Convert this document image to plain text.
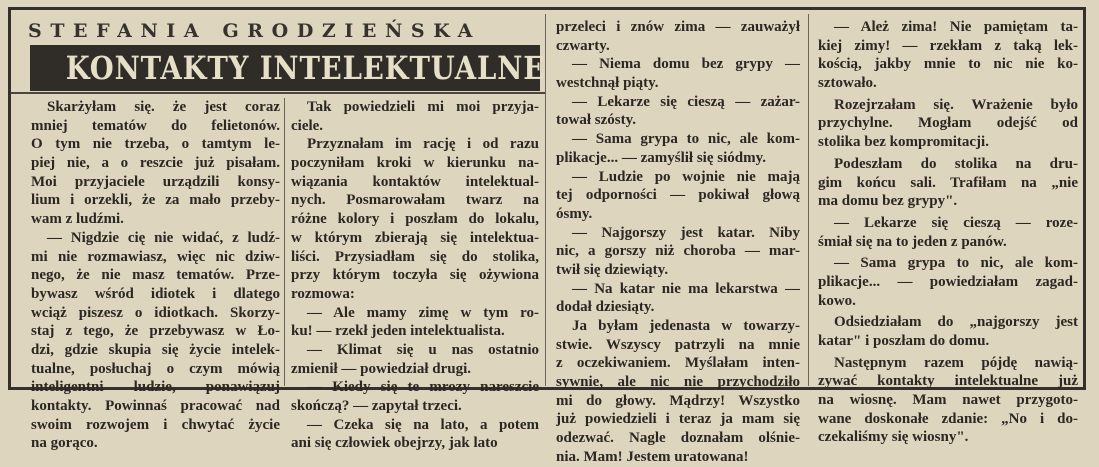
STEFANIA GRODZIEŃSKA
KONTAKTY INTELEKTUALNE
Skarżyłam się. że jest coraz
mniej tematów do felietonów.
O tym nie trzeba, o tamtym le-
piej nie, a o reszcie już pisałam.
Moi przyjaciele urządzili konsy-
lium i orzekli, że za mało przeby-
wam z ludźmi.
— Nigdzie cię nie widać, z ludź-
mi nie rozmawiasz, więc nic dziw-
nego, że nie masz tematów. Prze-
bywasz wśród idiotek i dlatego
wciąż piszesz o idiotkach. Skorzy-
staj z tego, że przebywasz w Ło-
dzi, gdzie skupia się życie intelek-
tualne, posłuchaj o czym mówią
inteligentni ludzie, ponawiązuj
kontakty. Powinnaś pracować nad
swoim rozwojem i chwytać życie
na gorąco.
Tak powiedzieli mi moi przyja-
ciele.
Przyznałam im rację i od razu
poczyniłam kroki w kierunku na-
wiązania kontaktów intelektual-
nych. Posmarowałam twarz na
różne kolory i poszłam do lokalu,
w którym zbierają się intelektua-
liści. Przysiadłam się do stolika,
przy którym toczyła się ożywiona
rozmowa:
— Ale mamy zimę w tym ro-
ku! — rzekł jeden intelektualista.
— Klimat się u nas ostatnio
zmienił — powiedział drugi.
— Kiedy się te mrozy nareszcie
skończą? — zapytał trzeci.
— Czeka się na lato, a potem
ani się człowiek obejrzy, jak lato
przeleci i znów zima — zauważył
czwarty.
— Niema domu bez grypy —
westchnął piąty.
— Lekarze się cieszą — zażar-
tował szósty.
— Sama grypa to nic, ale kom-
plikacje... — zamyślił się siódmy.
— Ludzie po wojnie nie mają
tej odporności — pokiwał głową
ósmy.
— Najgorszy jest katar. Niby
nic, a gorszy niż choroba — mar-
twił się dziewiąty.
— Na katar nie ma lekarstwa —
dodał dziesiąty.
Ja byłam jedenasta w towarzy-
stwie. Wszyscy patrzyli na mnie
z oczekiwaniem. Myślałam inten-
sywnie, ale nic nie przychodziło
mi do głowy. Mądrzy! Wszystko
już powiedzieli i teraz ja mam się
odezwać. Nagle doznałam olśnie-
nia. Mam! Jestem uratowana!
— Ależ zima! Nie pamiętam ta-
kiej zimy! — rzekłam z taką lek-
kością, jakby mnie to nic nie ko-
sztowało.
Rozejrzałam się. Wrażenie było
przychylne. Mogłam odejść od
stolika bez kompromitacji.
Podeszłam do stolika na dru-
gim końcu sali. Trafiłam na „nie
ma domu bez grypy".
— Lekarze się cieszą — roze-
śmiał się na to jeden z panów.
— Sama grypa to nic, ale kom-
plikacje... — powiedziałam zagad-
kowo.
Odsiedziałam do „najgorszy jest
katar" i poszłam do domu.
Następnym razem pójdę nawią-
zywać kontakty intelektualne już
na wiosnę. Mam nawet przygoto-
wane doskonałe zdanie: „No i do-
czekaliśmy się wiosny".
